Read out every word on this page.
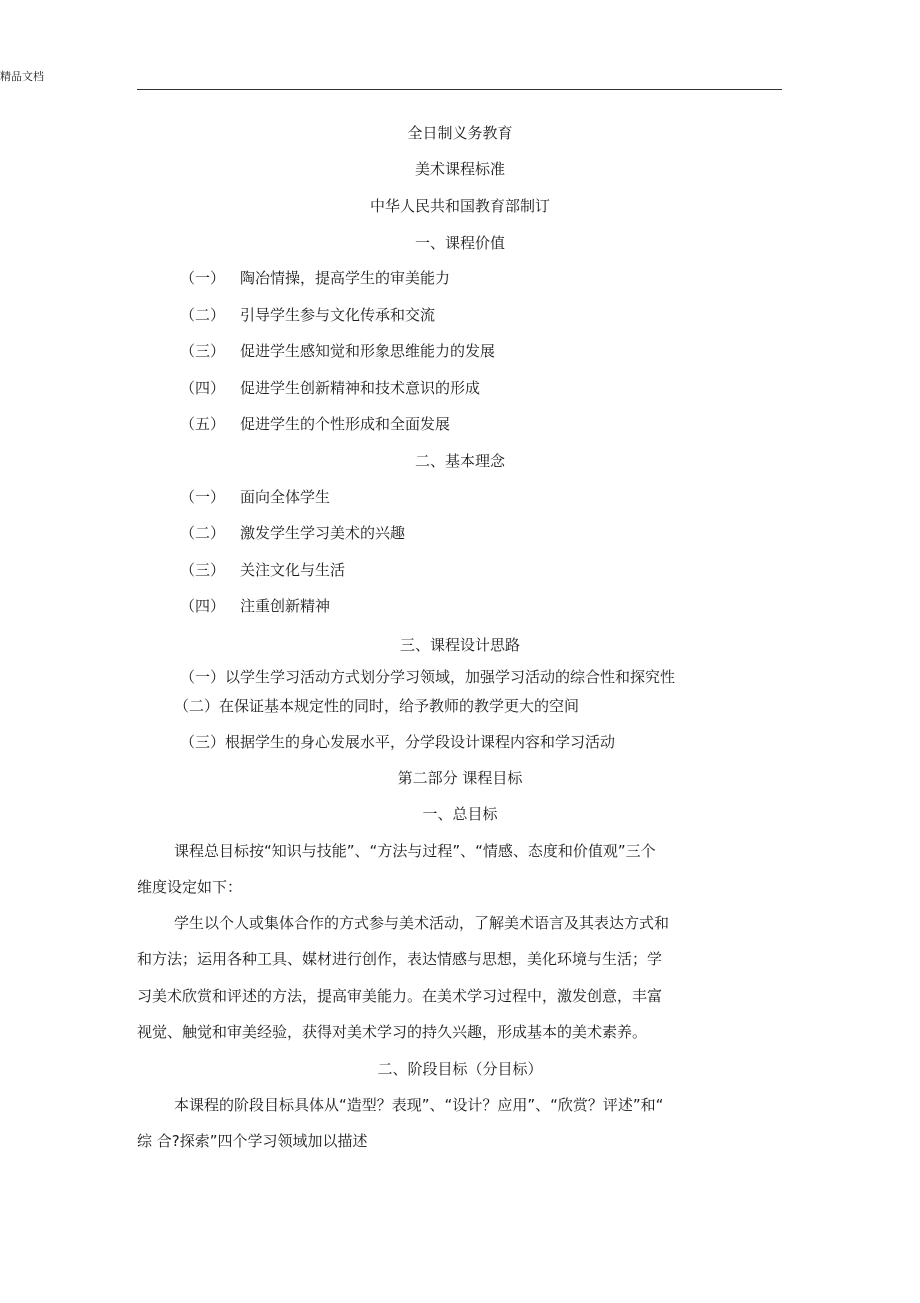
精品文档
全日制义务教育
美术课程标准
中华人民共和国教育部制订
一、课程价值
（一） 陶冶情操，提高学生的审美能力
（二） 引导学生参与文化传承和交流
（三） 促进学生感知觉和形象思维能力的发展
（四） 促进学生创新精神和技术意识的形成
（五） 促进学生的个性形成和全面发展
二、基本理念
（一） 面向全体学生
（二） 激发学生学习美术的兴趣
（三） 关注文化与生活
（四） 注重创新精神
三、课程设计思路
（一）以学生学习活动方式划分学习领域，加强学习活动的综合性和探究性
（二）在保证基本规定性的同时，给予教师的教学更大的空间
（三）根据学生的身心发展水平，分学段设计课程内容和学习活动
第二部分 课程目标
一、总目标
课程总目标按“知识与技能”、“方法与过程”、“情感、态度和价值观”三个
维度设定如下：
学生以个人或集体合作的方式参与美术活动，了解美术语言及其表达方式和
和方法；运用各种工具、媒材进行创作，表达情感与思想，美化环境与生活；学
习美术欣赏和评述的方法，提高审美能力。在美术学习过程中，激发创意，丰富
视觉、触觉和审美经验，获得对美术学习的持久兴趣，形成基本的美术素养。
二、阶段目标（分目标）
本课程的阶段目标具体从“造型？表现”、“设计？应用”、“欣赏？评述”和“
综 合?探索”四个学习领域加以描述
